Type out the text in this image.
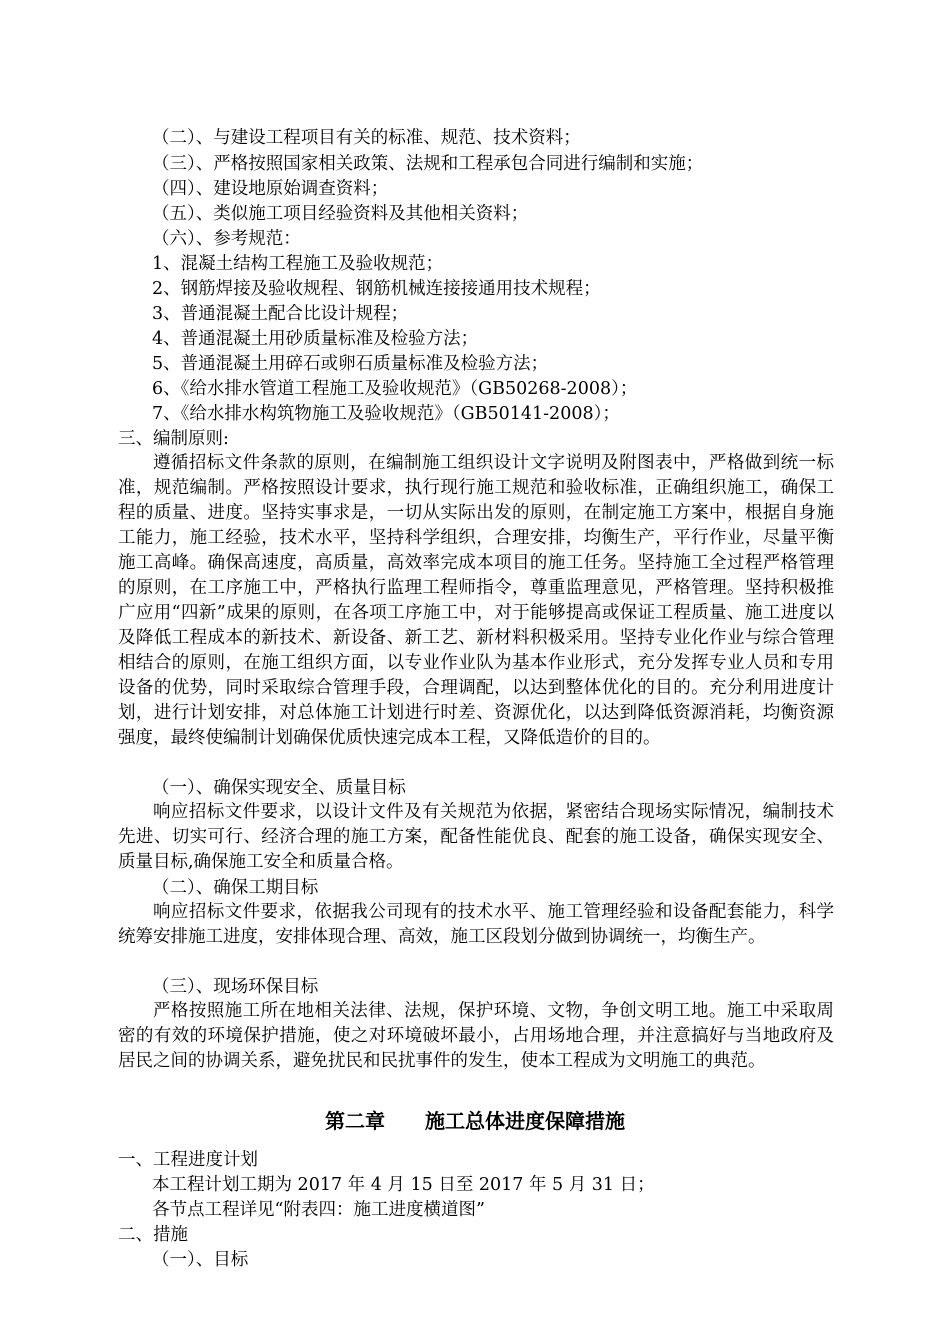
（二）、与建设工程项目有关的标准、规范、技术资料；
（三）、严格按照国家相关政策、法规和工程承包合同进行编制和实施；
（四）、建设地原始调查资料；
（五）、类似施工项目经验资料及其他相关资料；
（六）、参考规范：
1、混凝土结构工程施工及验收规范；
2、钢筋焊接及验收规程、钢筋机械连接接通用技术规程；
3、普通混凝土配合比设计规程；
4、普通混凝土用砂质量标准及检验方法；
5、普通混凝土用碎石或卵石质量标准及检验方法；
6、《给水排水管道工程施工及验收规范》（GB50268-2008）；
7、《给水排水构筑物施工及验收规范》（GB50141-2008）；
三、编制原则:

遵循招标文件条款的原则，在编制施工组织设计文字说明及附图表中，严格做到统一标准，规范编制。严格按照设计要求，执行现行施工规范和验收标准，正确组织施工，确保工程的质量、进度。坚持实事求是，一切从实际出发的原则，在制定施工方案中，根据自身施工能力，施工经验，技术水平，坚持科学组织，合理安排，均衡生产，平行作业，尽量平衡施工高峰。确保高速度，高质量，高效率完成本项目的施工任务。坚持施工全过程严格管理的原则，在工序施工中，严格执行监理工程师指令，尊重监理意见，严格管理。坚持积极推广应用“四新”成果的原则，在各项工序施工中，对于能够提高或保证工程质量、施工进度以及降低工程成本的新技术、新设备、新工艺、新材料积极采用。坚持专业化作业与综合管理相结合的原则，在施工组织方面，以专业作业队为基本作业形式，充分发挥专业人员和专用设备的优势，同时采取综合管理手段，合理调配，以达到整体优化的目的。充分利用进度计划，进行计划安排，对总体施工计划进行时差、资源优化，以达到降低资源消耗，均衡资源强度，最终使编制计划确保优质快速完成本工程，又降低造价的目的。

（一）、确保实现安全、质量目标

响应招标文件要求，以设计文件及有关规范为依据，紧密结合现场实际情况，编制技术先进、切实可行、经济合理的施工方案，配备性能优良、配套的施工设备，确保实现安全、质量目标,确保施工安全和质量合格。

（二）、确保工期目标

响应招标文件要求，依据我公司现有的技术水平、施工管理经验和设备配套能力，科学统筹安排施工进度，安排体现合理、高效，施工区段划分做到协调统一，均衡生产。

（三）、现场环保目标

严格按照施工所在地相关法律、法规，保护环境、文物，争创文明工地。施工中采取周密的有效的环境保护措施，使之对环境破坏最小，占用场地合理，并注意搞好与当地政府及居民之间的协调关系，避免扰民和民扰事件的发生，使本工程成为文明施工的典范。

第二章　　施工总体进度保障措施
一、工程进度计划
本工程计划工期为 2017 年 4 月 15 日至 2017 年 5 月 31 日；
各节点工程详见“附表四：施工进度横道图”
二、措施
（一）、目标
